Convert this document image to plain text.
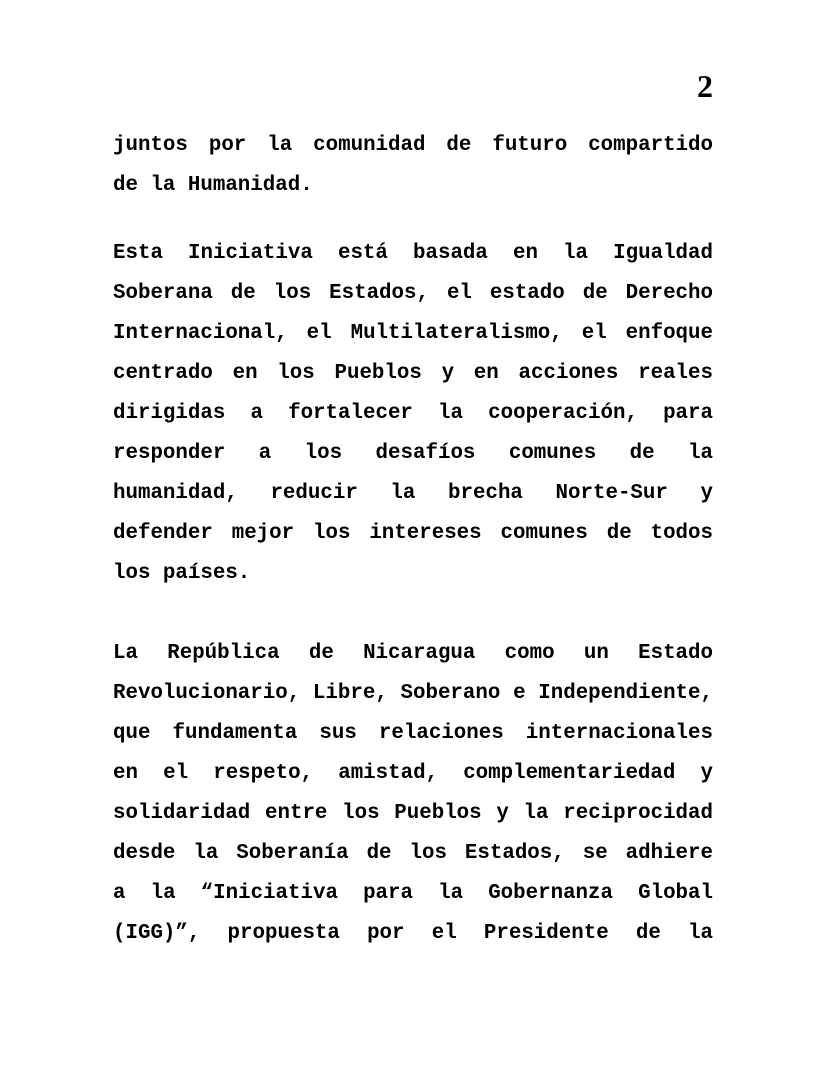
2
juntos por la comunidad de futuro compartido
de la Humanidad.
Esta Iniciativa está basada en la Igualdad
Soberana de los Estados, el estado de Derecho
Internacional, el Multilateralismo, el enfoque
centrado en los Pueblos y en acciones reales
dirigidas a fortalecer la cooperación, para
responder a los desafíos comunes de la
humanidad, reducir la brecha Norte-Sur y
defender mejor los intereses comunes de todos
los países.
La República de Nicaragua como un Estado
Revolucionario, Libre, Soberano e Independiente,
que fundamenta sus relaciones internacionales
en el respeto, amistad, complementariedad y
solidaridad entre los Pueblos y la reciprocidad
desde la Soberanía de los Estados, se adhiere
a la “Iniciativa para la Gobernanza Global
(IGG)”, propuesta por el Presidente de la
